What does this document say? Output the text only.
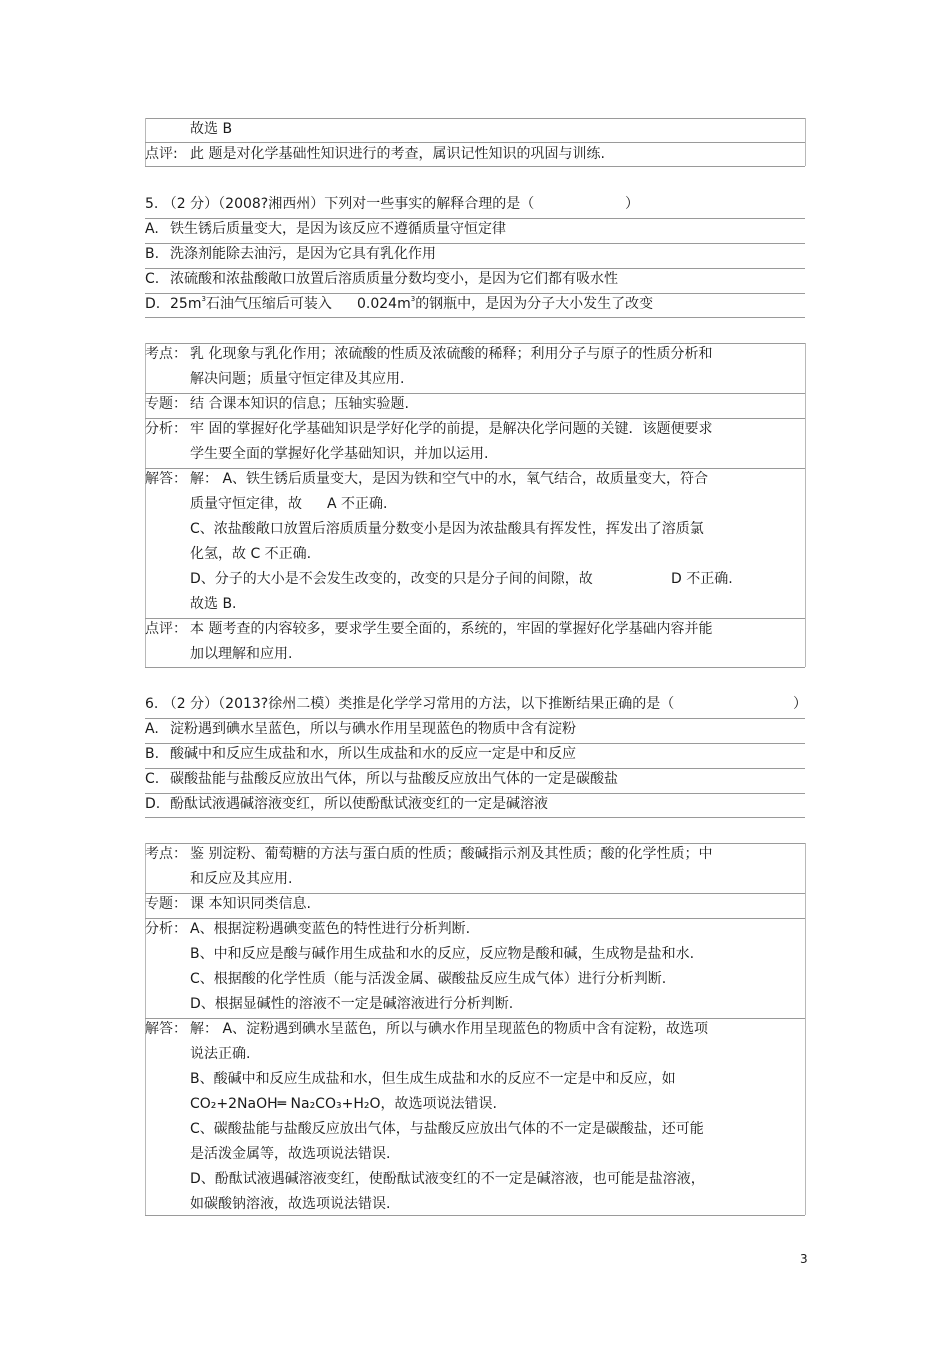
故选 B
点评: 此 题是对化学基础性知识进行的考查，属识记性知识的巩固与训练.
5. （2 分）（2008?湘西州）下列对一些事实的解释合理的是（	）
A. 铁生锈后质量变大，是因为该反应不遵循质量守恒定律
B. 洗涤剂能除去油污，是因为它具有乳化作用
C. 浓硫酸和浓盐酸敞口放置后溶质质量分数均变小，是因为它们都有吸水性
D. $25m^3$石油气压缩后可装入 $0.024m^3$的钢瓶中，是因为分子大小发生了改变
考点： 乳 化现象与乳化作用；浓硫酸的性质及浓硫酸的稀释；利用分子与原子的性质分析和
解决问题；质量守恒定律及其应用.
专题： 结 合课本知识的信息；压轴实验题.
分析： 牢 固的掌握好化学基础知识是学好化学的前提，是解决化学问题的关键．该题便要求
学生要全面的掌握好化学基础知识，并加以运用.
解答： 解： A、铁生锈后质量变大，是因为铁和空气中的水，氧气结合，故质量变大，符合
质量守恒定律，故 A 不正确.
C、浓盐酸敞口放置后溶质质量分数变小是因为浓盐酸具有挥发性，挥发出了溶质氯
化氢，故 C 不正确.
D、分子的大小是不会发生改变的，改变的只是分子间的间隙，故	D 不正确.
故选 B.
点评： 本 题考查的内容较多，要求学生要全面的，系统的，牢固的掌握好化学基础内容并能
加以理解和应用.
6. （2 分）（2013?徐州二模）类推是化学学习常用的方法，以下推断结果正确的是（	）
A. 淀粉遇到碘水呈蓝色，所以与碘水作用呈现蓝色的物质中含有淀粉
B. 酸碱中和反应生成盐和水，所以生成盐和水的反应一定是中和反应
C. 碳酸盐能与盐酸反应放出气体，所以与盐酸反应放出气体的一定是碳酸盐
D. 酚酞试液遇碱溶液变红，所以使酚酞试液变红的一定是碱溶液
考点： 鉴 别淀粉、葡萄糖的方法与蛋白质的性质；酸碱指示剂及其性质；酸的化学性质；中
和反应及其应用.
专题： 课 本知识同类信息.
分析： A、根据淀粉遇碘变蓝色的特性进行分析判断.
B、中和反应是酸与碱作用生成盐和水的反应，反应物是酸和碱，生成物是盐和水.
C、根据酸的化学性质（能与活泼金属、碳酸盐反应生成气体）进行分析判断.
D、根据显碱性的溶液不一定是碱溶液进行分析判断.
解答： 解： A、淀粉遇到碘水呈蓝色，所以与碘水作用呈现蓝色的物质中含有淀粉，故选项
说法正确.
B、酸碱中和反应生成盐和水，但生成生成盐和水的反应不一定是中和反应，如
CO₂+2NaOH═ Na₂CO₃+H₂O，故选项说法错误.
C、碳酸盐能与盐酸反应放出气体，与盐酸反应放出气体的不一定是碳酸盐，还可能
是活泼金属等，故选项说法错误.
D、酚酞试液遇碱溶液变红，使酚酞试液变红的不一定是碱溶液，也可能是盐溶液，
如碳酸钠溶液，故选项说法错误.
3
